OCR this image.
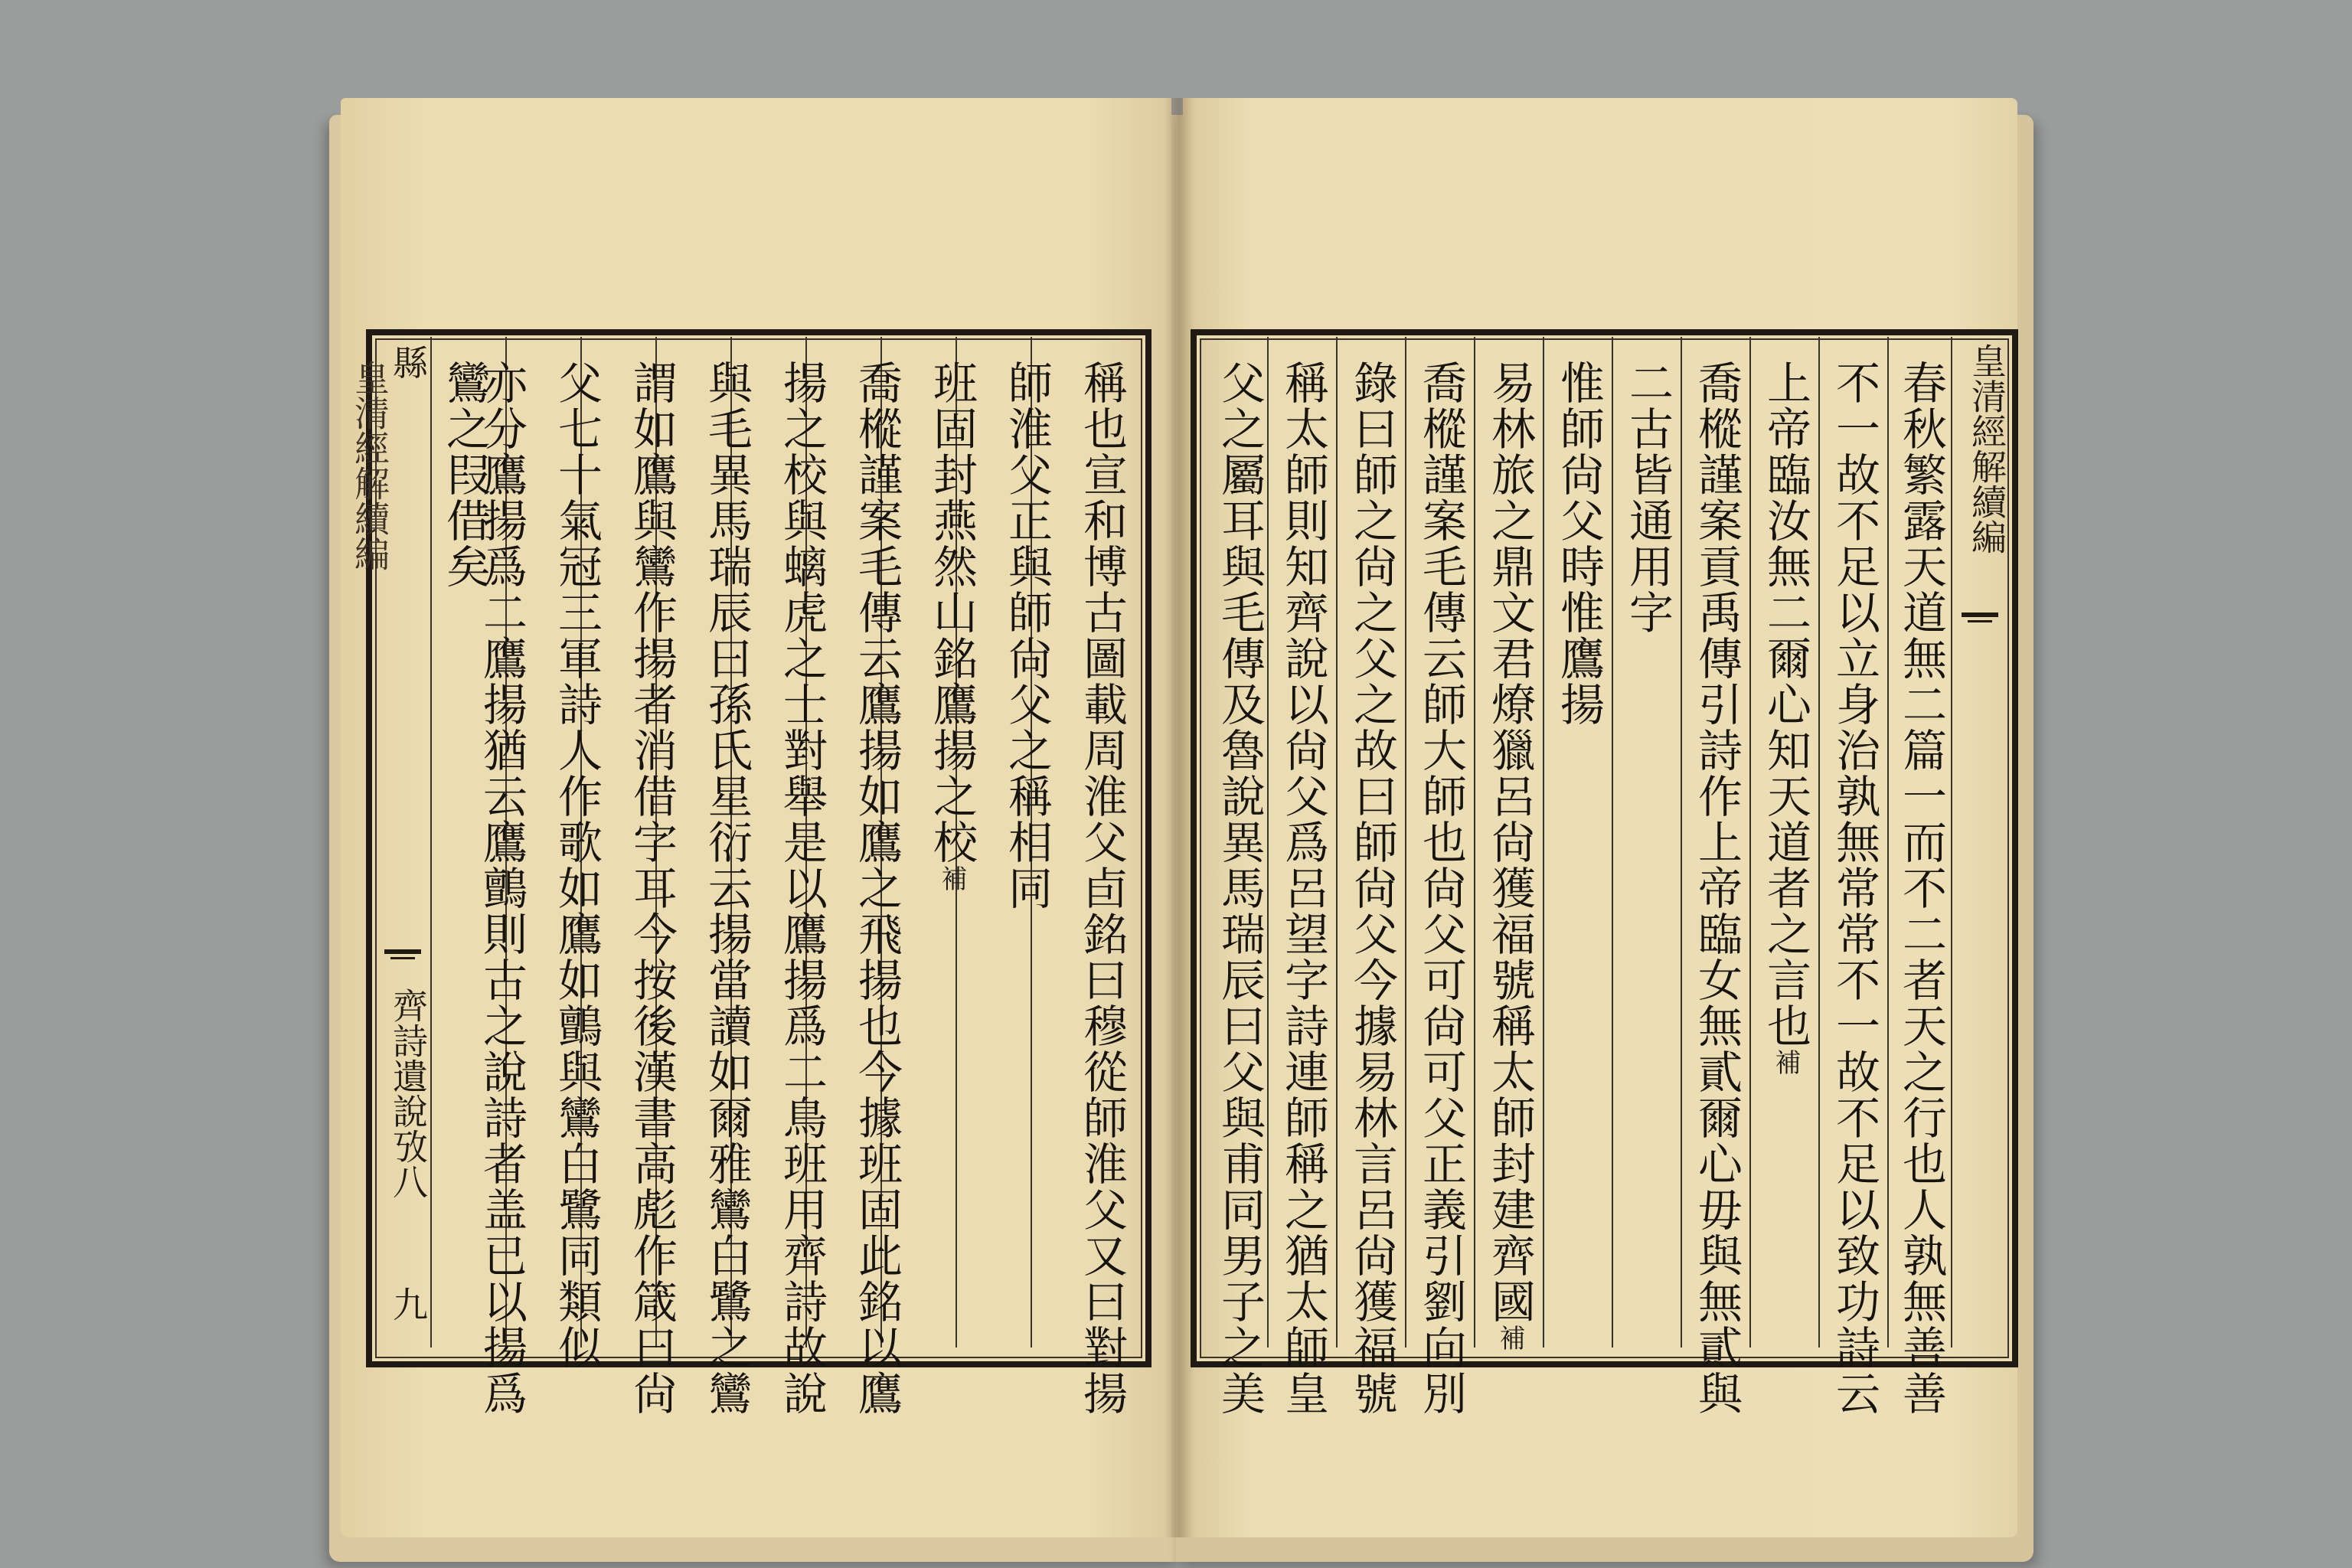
縣
齊詩遺說攷八
九
皇清經解續編	稱也宣和博古圖載周淮父卣銘曰穆從師淮父又曰對揚
師淮父正與師尙父之稱相同
班固封燕然山銘鷹揚之校補
喬樅謹案毛傳云鷹揚如鷹之飛揚也今據班固此銘以鷹
揚之校與螭虎之士對舉是以鷹揚爲二鳥班用齊詩故說
與毛異馬瑞辰曰孫氏星衍云揚當讀如爾雅鸞白鷺之鸞
謂如鷹與鸞作揚者消借字耳今按後漢書高彪作箴曰尙
父七十氣冠三軍詩人作歌如鷹如鸇與鸞白鷺同類似
亦分鷹揚爲二鷹揚猶云鷹鸇則古之說詩者盖已以揚爲
鸞之叚借矣	皇清經解續編
春秋繁露天道無二篇一而不二者天之行也人孰無善善
不一故不足以立身治孰無常常不一故不足以致功詩云
上帝臨汝無二爾心知天道者之言也補
喬樅謹案貢禹傳引詩作上帝臨女無貳爾心毋與無貳與
二古皆通用字
惟師尙父時惟鷹揚
易林旅之鼎文君燎獵呂尙獲福號稱太師封建齊國補
喬樅謹案毛傳云師大師也尙父可尙可父正義引劉向別
錄曰師之尙之父之故曰師尙父今據易林言呂尙獲福號
稱太師則知齊說以尙父爲呂望字詩連師稱之猶太師皇
父之屬耳與毛傳及魯說異馬瑞辰曰父與甫同男子之美
